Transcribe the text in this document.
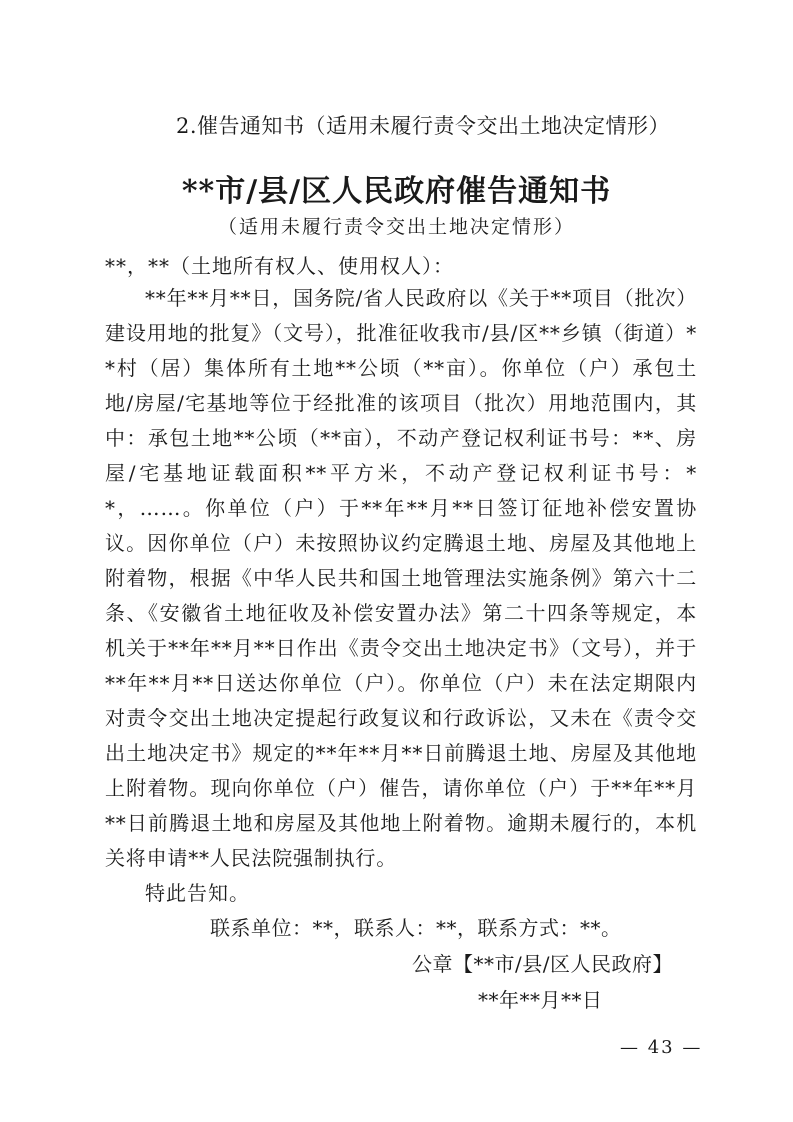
2.催告通知书（适用未履行责令交出土地决定情形）
**市/县/区人民政府催告通知书
（适用未履行责令交出土地决定情形）
**，**（土地所有权人、使用权人）：

**年**月**日，国务院/省人民政府以《关于**项目（批次）建设用地的批复》（文号），批准征收我市/县/区**乡镇（街道）**村（居）集体所有土地**公顷（**亩）。你单位（户）承包土地/房屋/宅基地等位于经批准的该项目（批次）用地范围内，其中：承包土地**公顷（**亩），不动产登记权利证书号：**、房屋/宅基地证载面积**平方米，不动产登记权利证书号：**，……。你单位（户）于**年**月**日签订征地补偿安置协议。因你单位（户）未按照协议约定腾退土地、房屋及其他地上附着物，根据《中华人民共和国土地管理法实施条例》第六十二条、《安徽省土地征收及补偿安置办法》第二十四条等规定，本机关于**年**月**日作出《责令交出土地决定书》（文号），并于**年**月**日送达你单位（户）。你单位（户）未在法定期限内对责令交出土地决定提起行政复议和行政诉讼，又未在《责令交出土地决定书》规定的**年**月**日前腾退土地、房屋及其他地上附着物。现向你单位（户）催告，请你单位（户）于**年**月**日前腾退土地和房屋及其他地上附着物。逾期未履行的，本机关将申请**人民法院强制执行。

特此告知。
联系单位：**，联系人：**，联系方式：**。
公章【**市/县/区人民政府】
**年**月**日
— 43 —
